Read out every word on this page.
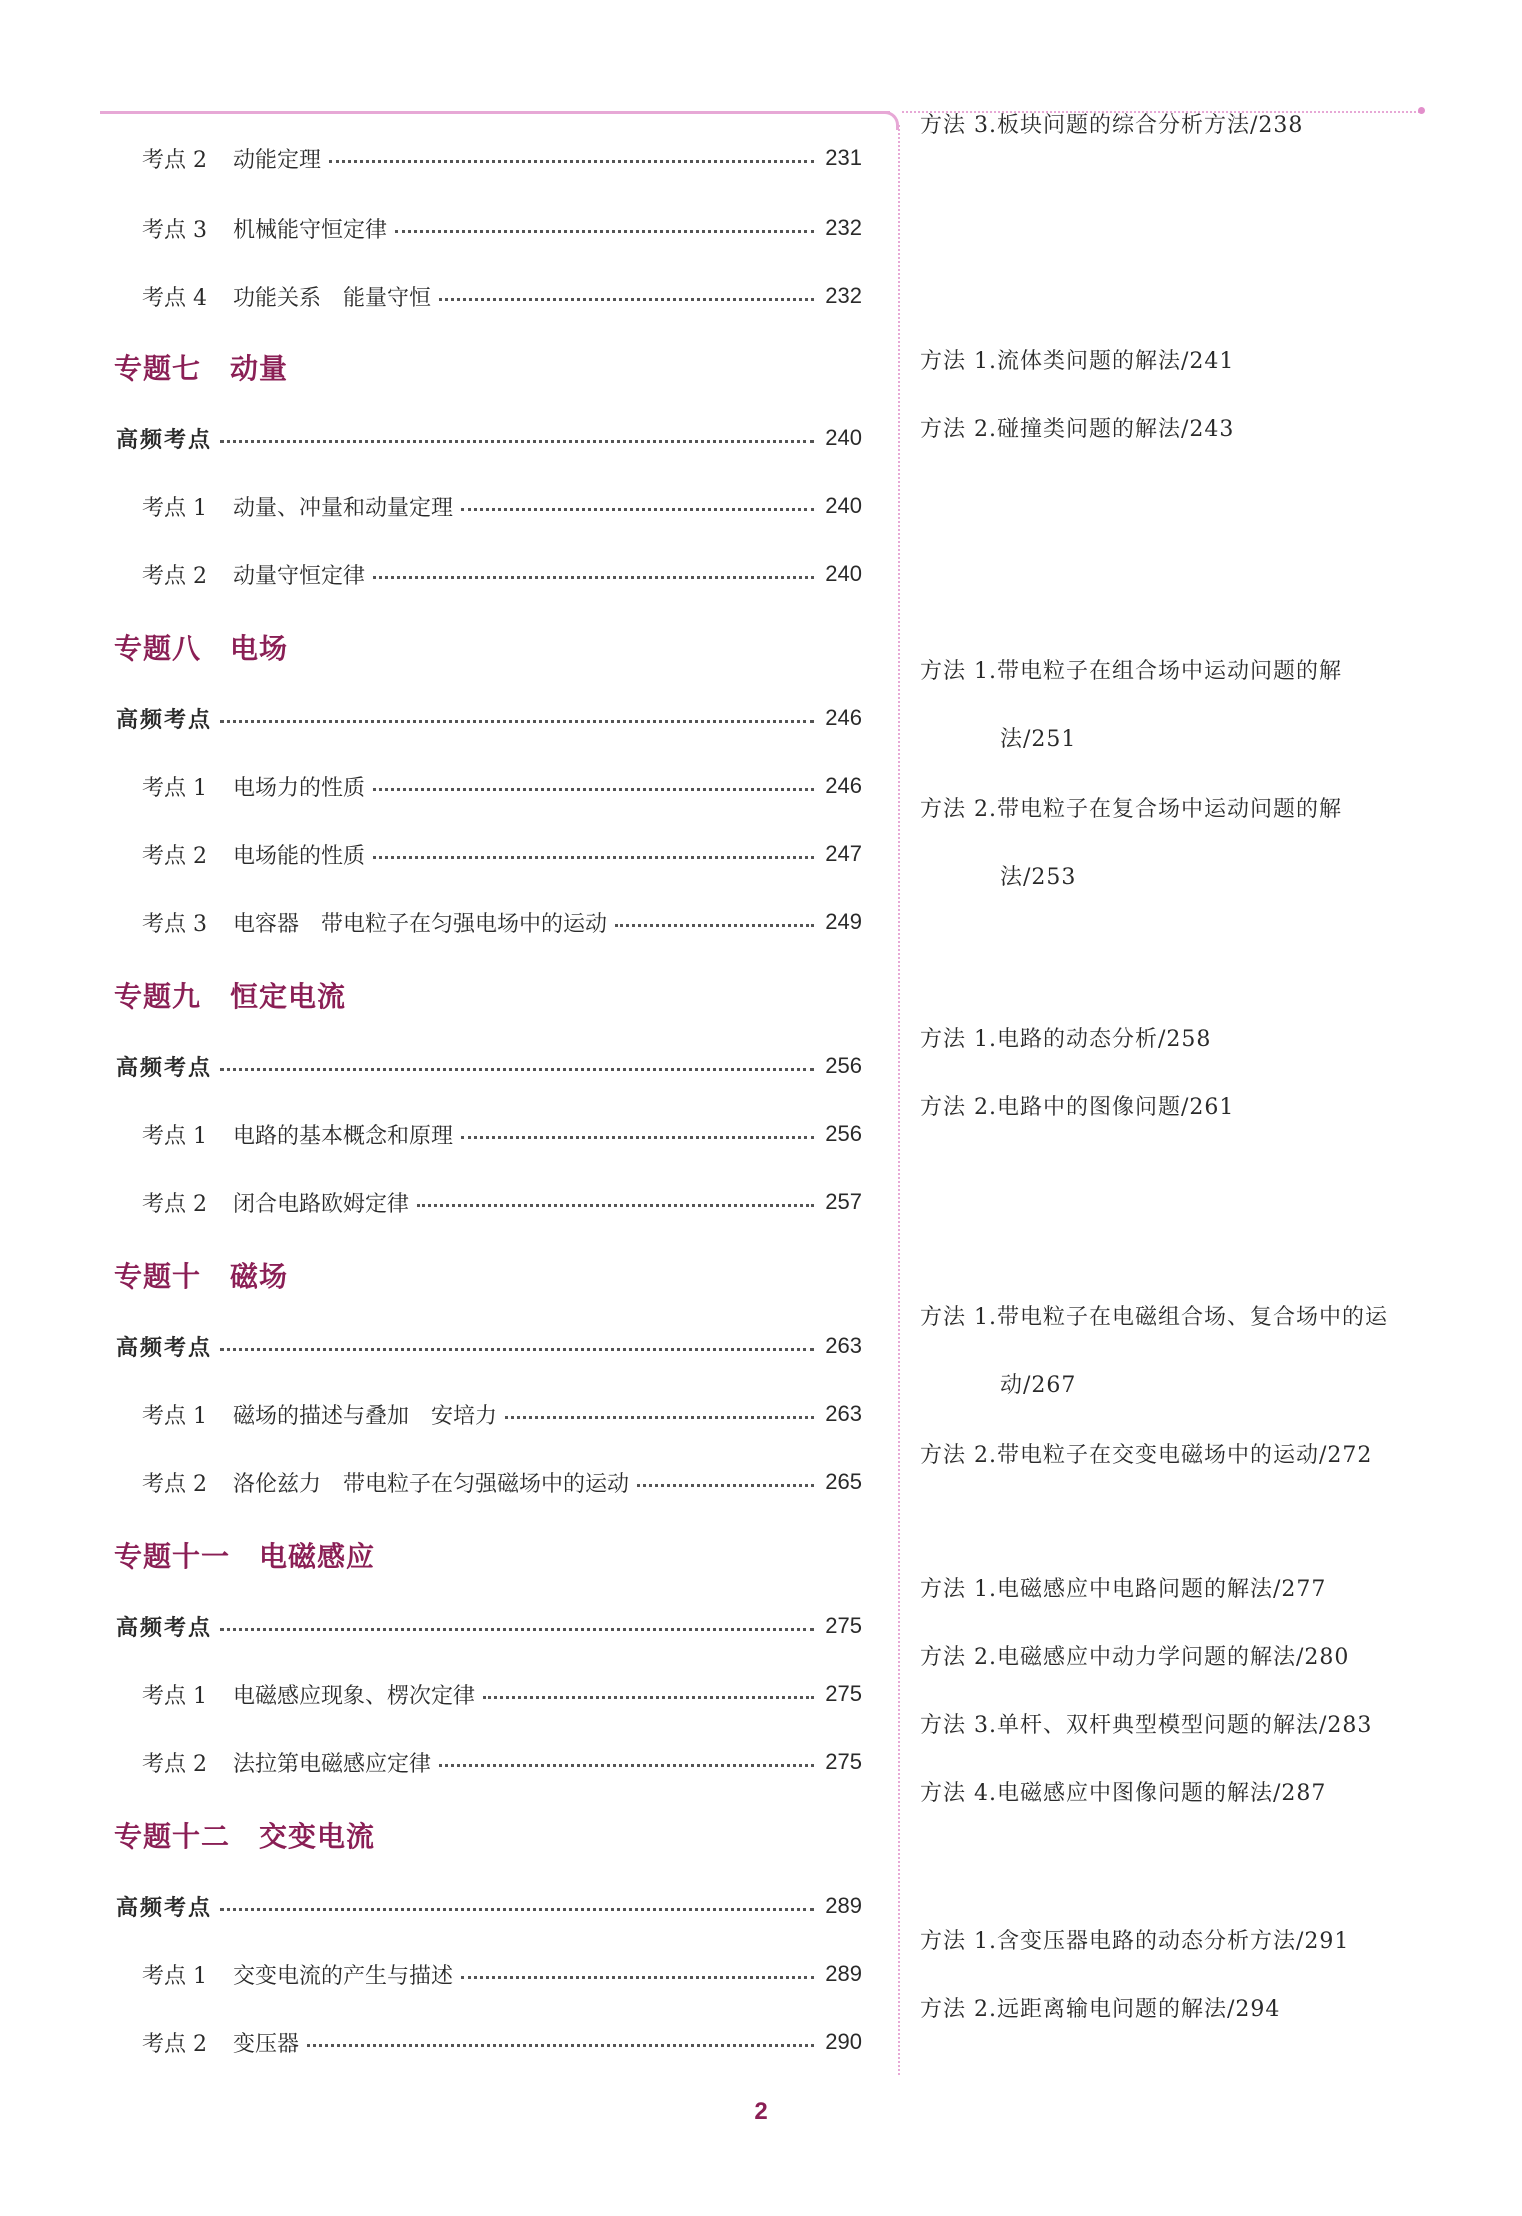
考点 2 动能定理	231
考点 3 机械能守恒定律	232
考点 4 功能关系　能量守恒	232
专题七　动量
高频考点	240
考点 1 动量、冲量和动量定理	240
考点 2 动量守恒定律	240
专题八　电场
高频考点	246
考点 1 电场力的性质	246
考点 2 电场能的性质	247
考点 3 电容器　带电粒子在匀强电场中的运动	249
专题九　恒定电流
高频考点	256
考点 1 电路的基本概念和原理	256
考点 2 闭合电路欧姆定律	257
专题十　磁场
高频考点	263
考点 1 磁场的描述与叠加　安培力	263
考点 2 洛伦兹力　带电粒子在匀强磁场中的运动	265
专题十一　电磁感应
高频考点	275
考点 1 电磁感应现象、楞次定律	275
考点 2 法拉第电磁感应定律	275
专题十二　交变电流
高频考点	289
考点 1 交变电流的产生与描述	289
考点 2 变压器	290
方法 3.板块问题的综合分析方法/238
方法 1.流体类问题的解法/241
方法 2.碰撞类问题的解法/243
方法 1.带电粒子在组合场中运动问题的解
法/251
方法 2.带电粒子在复合场中运动问题的解
法/253
方法 1.电路的动态分析/258
方法 2.电路中的图像问题/261
方法 1.带电粒子在电磁组合场、复合场中的运
动/267
方法 2.带电粒子在交变电磁场中的运动/272
方法 1.电磁感应中电路问题的解法/277
方法 2.电磁感应中动力学问题的解法/280
方法 3.单杆、双杆典型模型问题的解法/283
方法 4.电磁感应中图像问题的解法/287
方法 1.含变压器电路的动态分析方法/291
方法 2.远距离输电问题的解法/294
2
